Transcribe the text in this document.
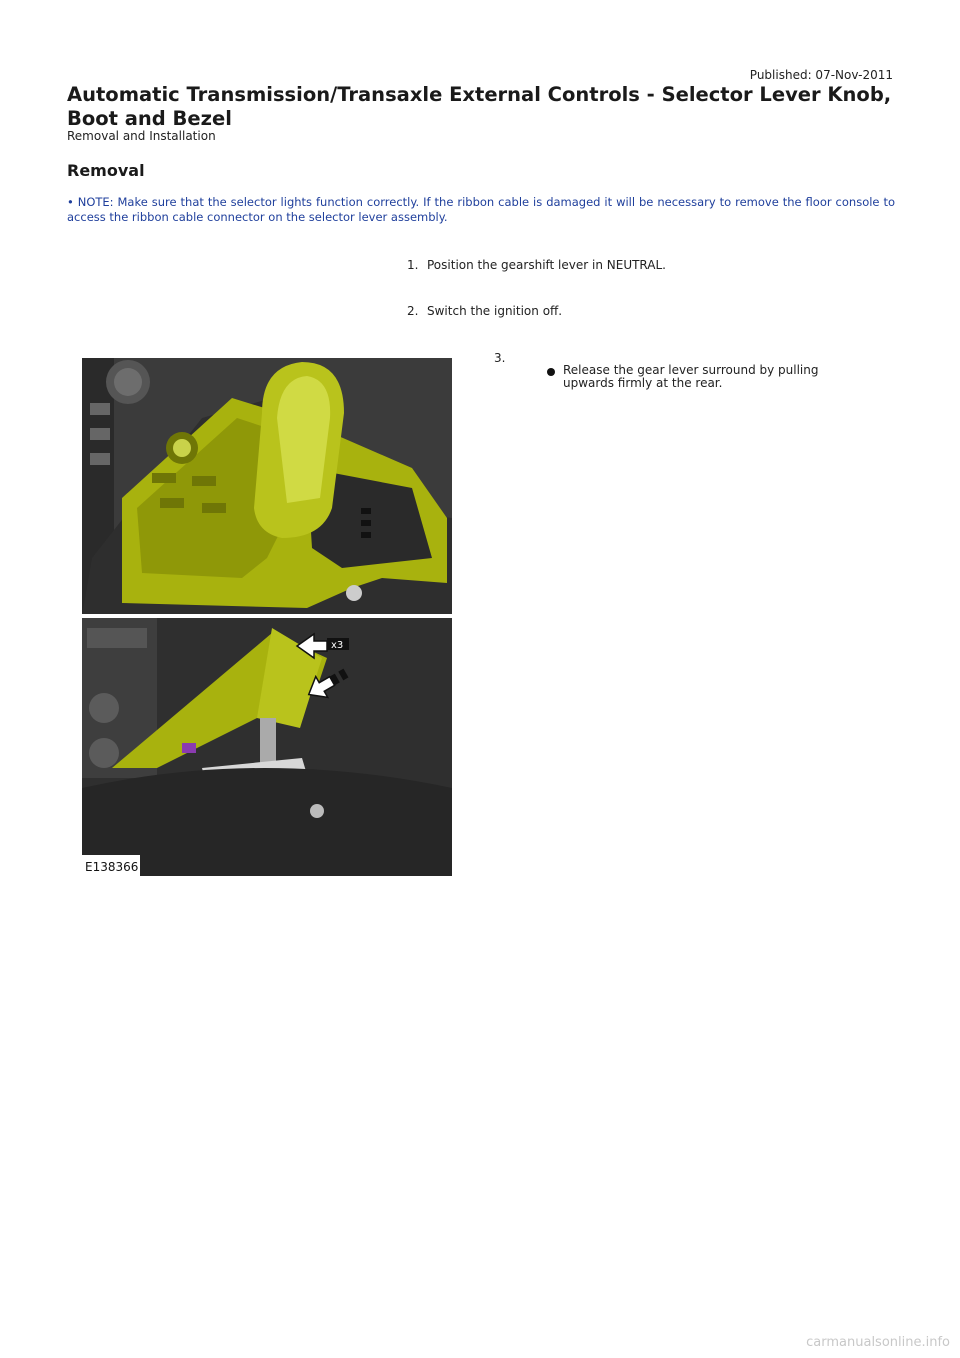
Published: 07-Nov-2011
Automatic Transmission/Transaxle External Controls - Selector Lever Knob, Boot and Bezel
Removal and Installation
Removal

• NOTE: Make sure that the selector lights function correctly. If the ribbon cable is damaged it will be necessary to remove the floor console to access the ribbon cable connector on the selector lever assembly.

1. Position the gearshift lever in NEUTRAL.
2. Switch the ignition off.
3.
Release the gear lever surround by pulling upwards firmly at the rear.
x3
E138366
carmanualsonline.info
